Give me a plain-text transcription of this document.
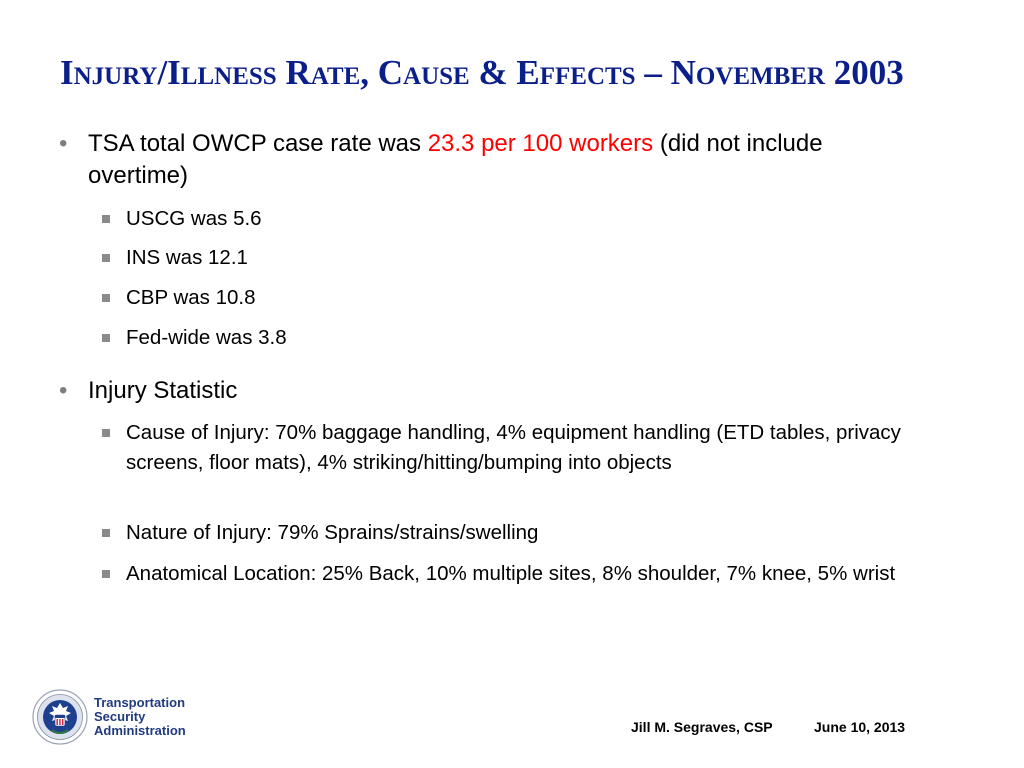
Injury/Illness Rate, Cause & Effects – November 2003
• TSA total OWCP case rate was 23.3 per 100 workers (did not include overtime)
USCG was 5.6
INS was 12.1
CBP was 10.8
Fed-wide was 3.8
• Injury Statistic
Cause of Injury: 70% baggage handling, 4% equipment handling (ETD tables, privacy screens, floor mats), 4% striking/hitting/bumping into objects
Nature of Injury: 79% Sprains/strains/swelling
Anatomical Location: 25% Back, 10% multiple sites, 8% shoulder, 7% knee, 5% wrist
Transportation
Security
Administration	Jill M. Segraves, CSP	June 10, 2013
